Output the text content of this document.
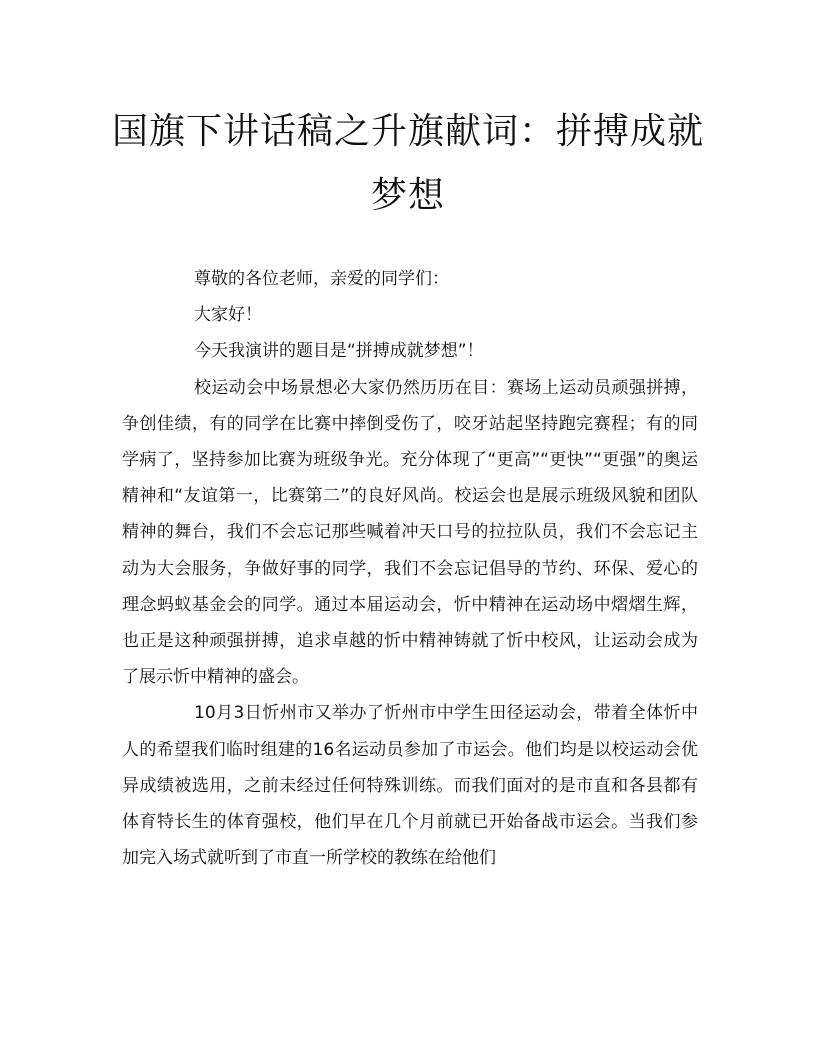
国旗下讲话稿之升旗献词：拼搏成就梦想

尊敬的各位老师，亲爱的同学们：

大家好！

今天我演讲的题目是“拼搏成就梦想”！

校运动会中场景想必大家仍然历历在目：赛场上运动员顽强拼搏，争创佳绩，有的同学在比赛中摔倒受伤了，咬牙站起坚持跑完赛程；有的同学病了，坚持参加比赛为班级争光。充分体现了“更高”“更快”“更强”的奥运精神和“友谊第一，比赛第二”的良好风尚。校运会也是展示班级风貌和团队精神的舞台，我们不会忘记那些喊着冲天口号的拉拉队员，我们不会忘记主动为大会服务，争做好事的同学，我们不会忘记倡导的节约、环保、爱心的理念蚂蚁基金会的同学。通过本届运动会，忻中精神在运动场中熠熠生辉，也正是这种顽强拼搏，追求卓越的忻中精神铸就了忻中校风，让运动会成为了展示忻中精神的盛会。

10月3日忻州市又举办了忻州市中学生田径运动会，带着全体忻中人的希望我们临时组建的16名运动员参加了市运会。他们均是以校运动会优异成绩被选用，之前未经过任何特殊训练。而我们面对的是市直和各县都有体育特长生的体育强校，他们早在几个月前就已开始备战市运会。当我们参加完入场式就听到了市直一所学校的教练在给他们
